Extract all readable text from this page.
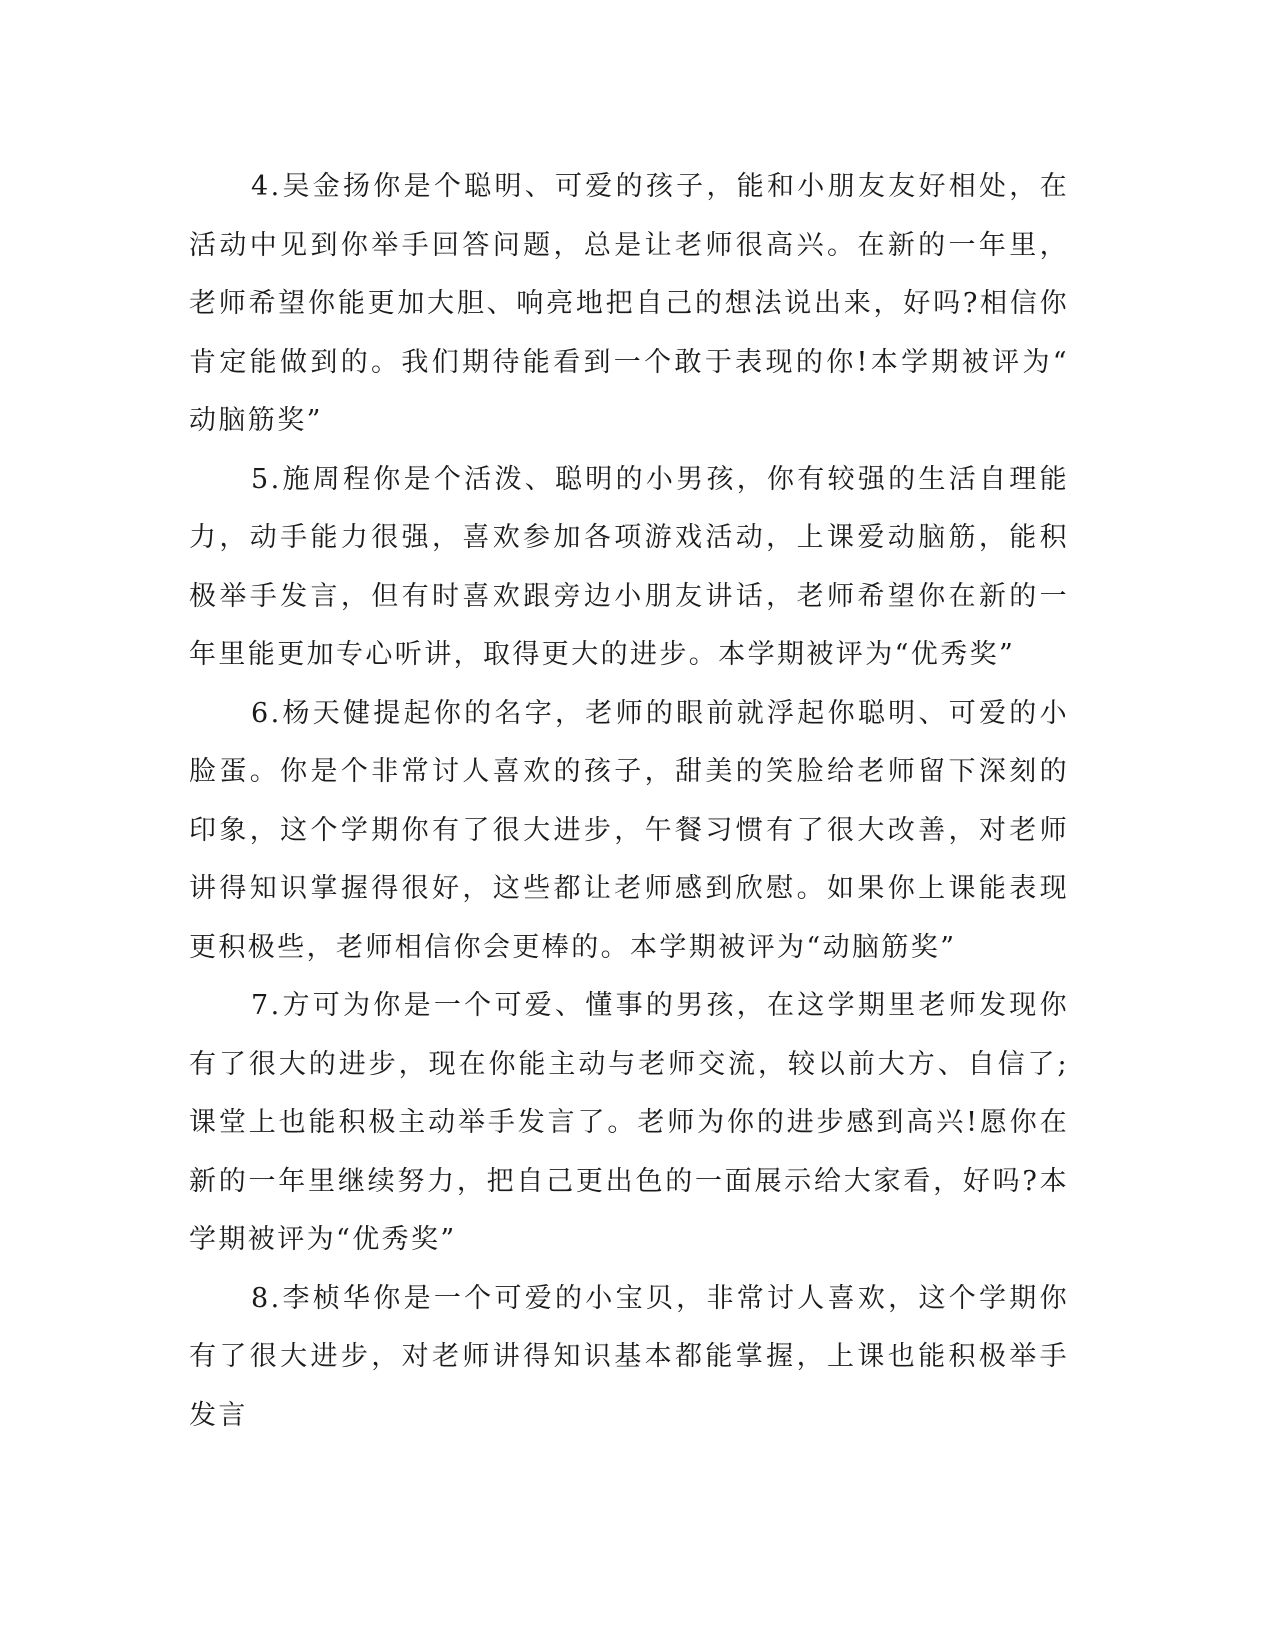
4.吴金扬你是个聪明、可爱的孩子，能和小朋友友好相处，在活动中见到你举手回答问题，总是让老师很高兴。在新的一年里，老师希望你能更加大胆、响亮地把自己的想法说出来，好吗?相信你肯定能做到的。我们期待能看到一个敢于表现的你!本学期被评为“动脑筋奖”

5.施周程你是个活泼、聪明的小男孩，你有较强的生活自理能力，动手能力很强，喜欢参加各项游戏活动，上课爱动脑筋，能积极举手发言，但有时喜欢跟旁边小朋友讲话，老师希望你在新的一年里能更加专心听讲，取得更大的进步。本学期被评为“优秀奖”

6.杨天健提起你的名字，老师的眼前就浮起你聪明、可爱的小脸蛋。你是个非常讨人喜欢的孩子，甜美的笑脸给老师留下深刻的印象，这个学期你有了很大进步，午餐习惯有了很大改善，对老师讲得知识掌握得很好，这些都让老师感到欣慰。如果你上课能表现更积极些，老师相信你会更棒的。本学期被评为“动脑筋奖”

7.方可为你是一个可爱、懂事的男孩，在这学期里老师发现你有了很大的进步，现在你能主动与老师交流，较以前大方、自信了;课堂上也能积极主动举手发言了。老师为你的进步感到高兴!愿你在新的一年里继续努力，把自己更出色的一面展示给大家看，好吗?本学期被评为“优秀奖”

8.李桢华你是一个可爱的小宝贝，非常讨人喜欢，这个学期你有了很大进步，对老师讲得知识基本都能掌握，上课也能积极举手发言
